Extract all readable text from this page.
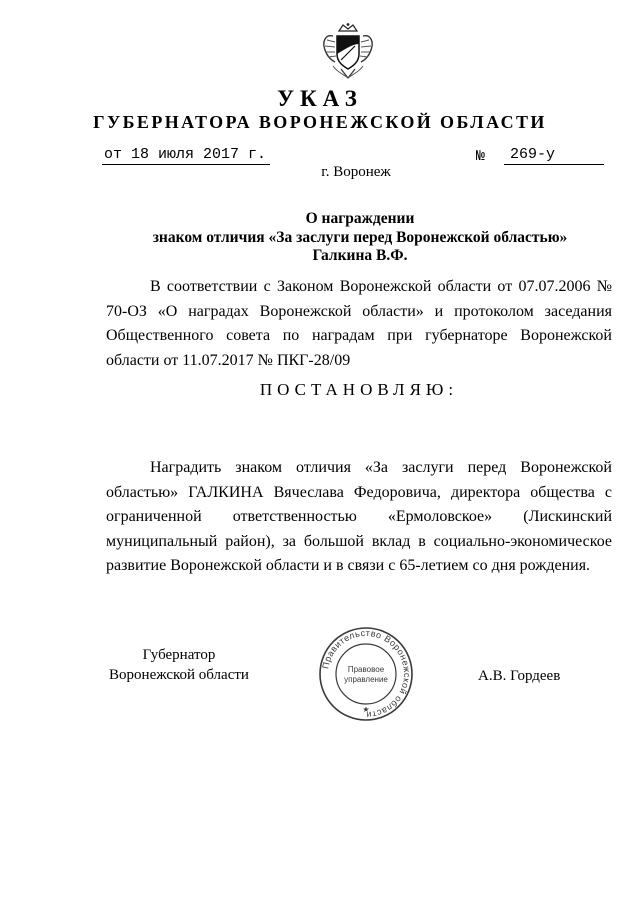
УКАЗ
ГУБЕРНАТОРА ВОРОНЕЖСКОЙ ОБЛАСТИ
от 18 июля 2017 г.	№	269-у
г. Воронеж
О награждении
знаком отличия «За заслуги перед Воронежской областью»
Галкина В.Ф.

В соответствии с Законом Воронежской области от 07.07.2006 № 70-ОЗ «О наградах Воронежской области» и протоколом заседания Общественного совета по наградам при губернаторе Воронежской области от 11.07.2017 № ПКГ-28/09

ПОСТАНОВЛЯЮ:

Наградить знаком отличия «За заслуги перед Воронежской областью» ГАЛКИНА Вячеслава Федоровича, директора общества с ограниченной ответственностью «Ермоловское» (Лискинский муниципальный район), за большой вклад в социально-экономическое развитие Воронежской области и в связи с 65-летием со дня рождения.

Губернатор
Воронежской области
Правительство Воронежской области
Правовое
управление
★
А.В. Гордеев
